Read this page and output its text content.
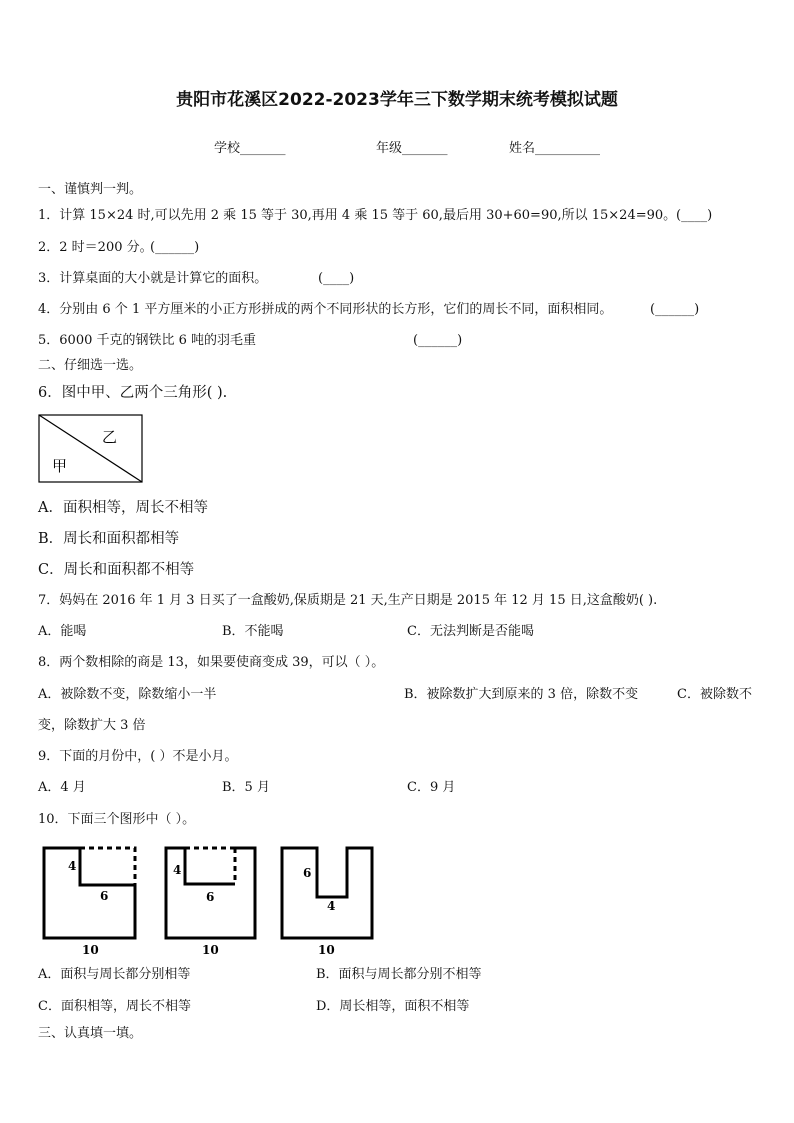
贵阳市花溪区2022-2023学年三下数学期末统考模拟试题
学校_______	年级_______	姓名__________
一、谨慎判一判。
1．计算 15×24 时,可以先用 2 乘 15 等于 30,再用 4 乘 15 等于 60,最后用 30+60=90,所以 15×24=90。 (____)
2．2 时＝200 分。
(______)
3．计算桌面的大小就是计算它的面积。	(____)
4．分别由 6 个 1 平方厘米的小正方形拼成的两个不同形状的长方形，它们的周长不同，面积相同。	(______)
5．6000 千克的钢铁比 6 吨的羽毛重	(______)
二、仔细选一选。
6．图中甲、乙两个三角形( ).
乙
甲
A．面积相等，周长不相等
B．周长和面积都相等
C．周长和面积都不相等
7．妈妈在 2016 年 1 月 3 日买了一盒酸奶,保质期是 21 天,生产日期是 2015 年 12 月 15 日,这盒酸奶( ).
A．能喝	B．不能喝	C．无法判断是否能喝
8．两个数相除的商是 13，如果要使商变成 39，可以（ ）。
A．被除数不变，除数缩小一半	B．被除数扩大到原来的 3 倍，除数不变	C．被除数不
变，除数扩大 3 倍
9．下面的月份中，( ）不是小月。
A．4 月	B．5 月	C．9 月
10．下面三个图形中（ ）。
4
6
10
4
6
10
6
4
10
A．面积与周长都分别相等	B．面积与周长都分别不相等
C．面积相等，周长不相等	D．周长相等，面积不相等
三、认真填一填。
